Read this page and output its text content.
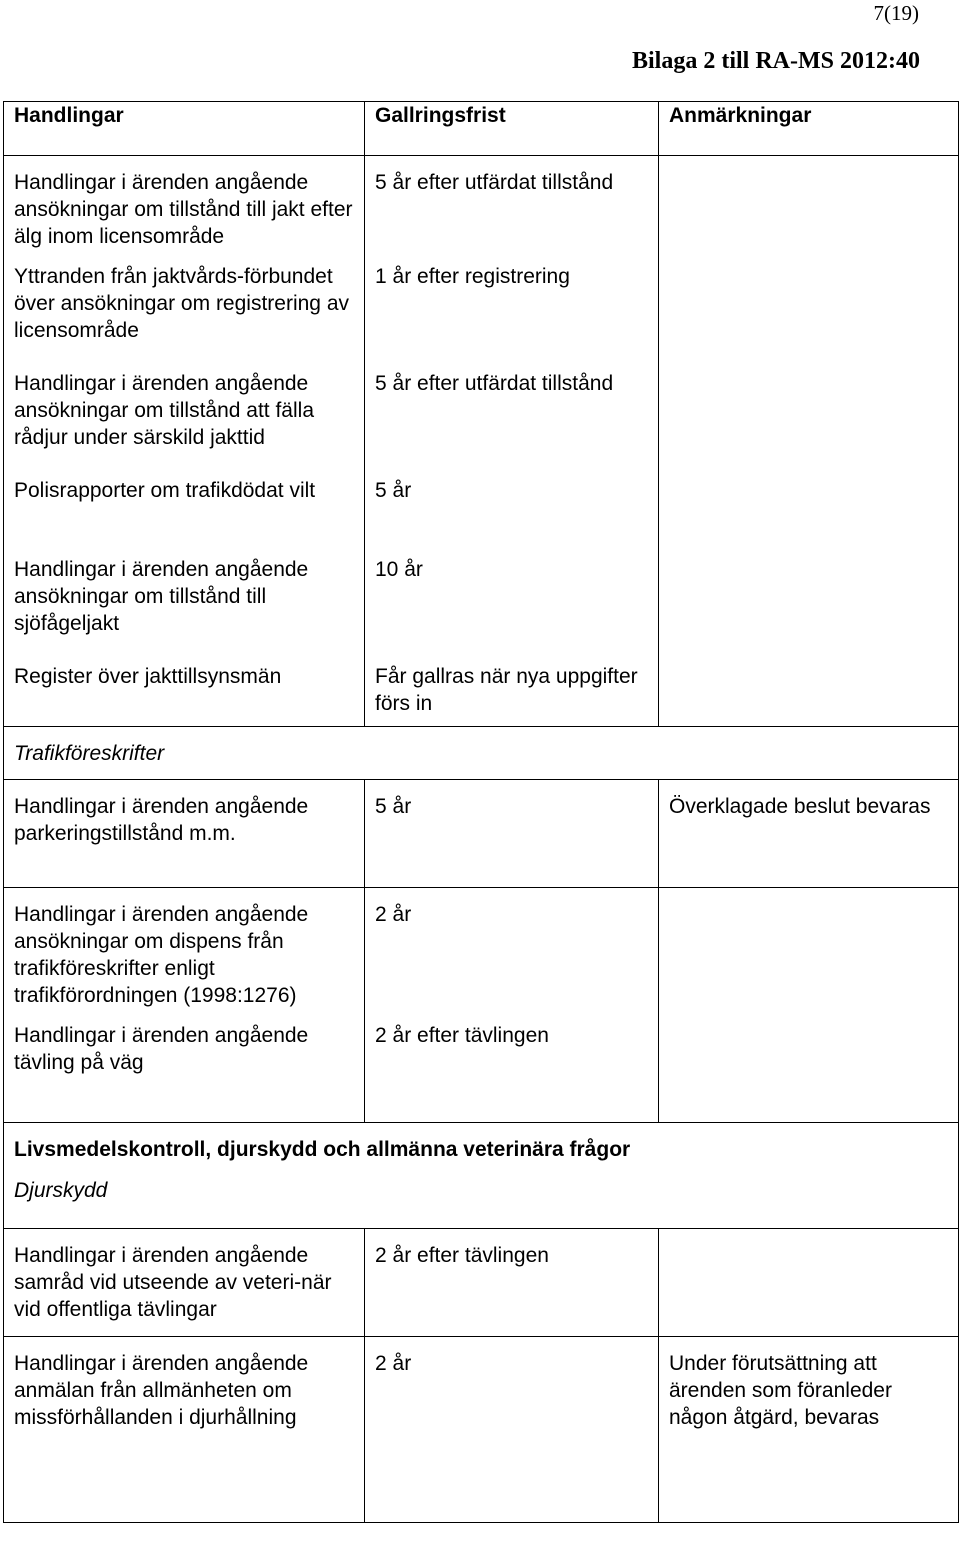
7(19)
Bilaga 2 till RA-MS 2012:40
Handlingar	Gallringsfrist	Anmärkningar
Handlingar i ärenden angående ansökningar om tillstånd till jakt efter älg inom licensområde	5 år efter utfärdat tillstånd	
Yttranden från jaktvårds-förbundet över ansökningar om registrering av licensområde	1 år efter registrering	
Handlingar i ärenden angående ansökningar om tillstånd att fälla rådjur under särskild jakttid	5 år efter utfärdat tillstånd	
Polisrapporter om trafikdödat vilt	5 år	
Handlingar i ärenden angående ansökningar om tillstånd till sjöfågeljakt	10 år	
Register över jakttillsynsmän	Får gallras när nya uppgifter förs in	
Trafikföreskrifter		
Handlingar i ärenden angående parkeringstillstånd m.m.	5 år	Överklagade beslut bevaras
Handlingar i ärenden angående ansökningar om dispens från trafikföreskrifter enligt trafikförordningen (1998:1276)	2 år	
Handlingar i ärenden angående tävling på väg	2 år efter tävlingen	
Livsmedelskontroll, djurskydd och allmänna veterinära frågor		
Djurskydd		
Handlingar i ärenden angående samråd vid utseende av veteri-när vid offentliga tävlingar	2 år efter tävlingen	
Handlingar i ärenden angående anmälan från allmänheten om missförhållanden i djurhållning	2 år	Under förutsättning att ärenden som föranleder någon åtgärd, bevaras
